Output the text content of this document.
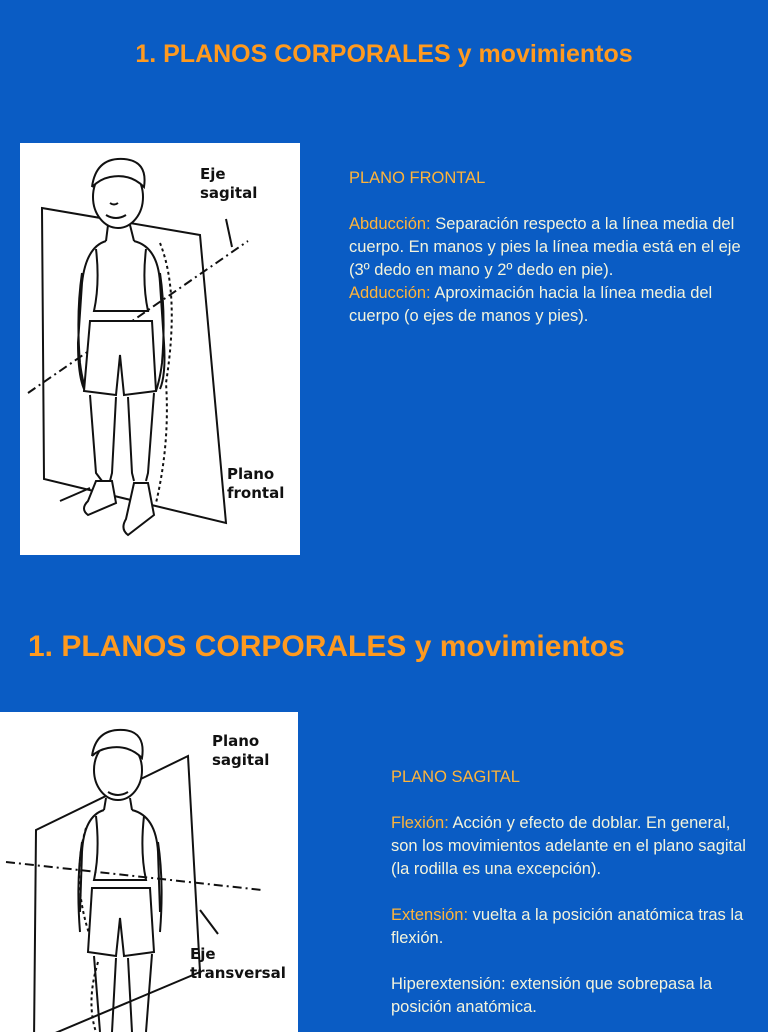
1. PLANOS CORPORALES y movimientos
Eje
sagital
Plano
frontal

PLANO FRONTAL

Abducción: Separación respecto a la línea media del cuerpo. En manos y pies la línea media está en el eje (3º dedo en mano y 2º dedo en pie).

Adducción: Aproximación hacia la línea media del cuerpo (o ejes de manos y pies).

1. PLANOS CORPORALES y movimientos
Plano
sagital
Eje
transversal

PLANO SAGITAL

Flexión: Acción y efecto de doblar. En general, son los movimientos adelante en el plano sagital (la rodilla es una excepción).

Extensión: vuelta a la posición anatómica tras la flexión.

Hiperextensión: extensión que sobrepasa la posición anatómica.
